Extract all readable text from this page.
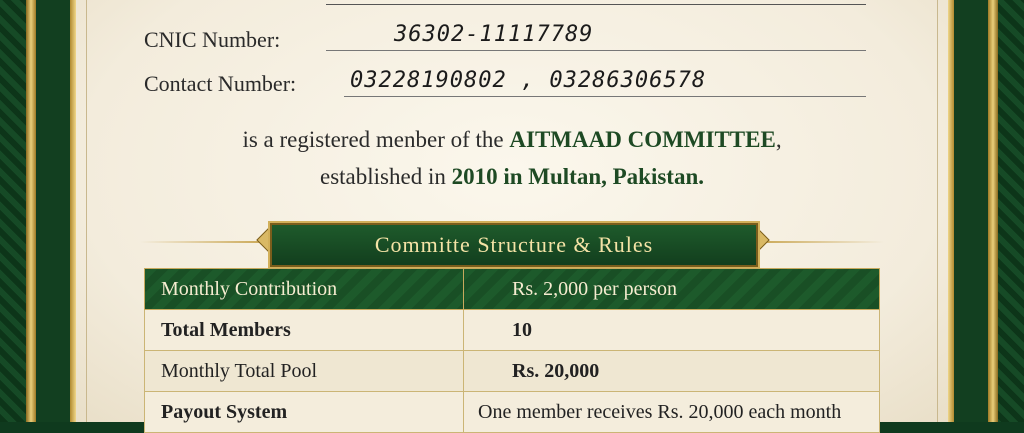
CNIC Number:	36302-11117789
Contact Number: 03228190802 , 03286306578
is a registered menber of the AITMAAD COMMITTEE,
established in 2010 in Multan, Pakistan.
Committe Structure & Rules
Monthly Contribution	Rs. 2,000 per person
Total Members	10
Monthly Total Pool	Rs. 20,000
Payout System	One member receives Rs. 20,000 each month
